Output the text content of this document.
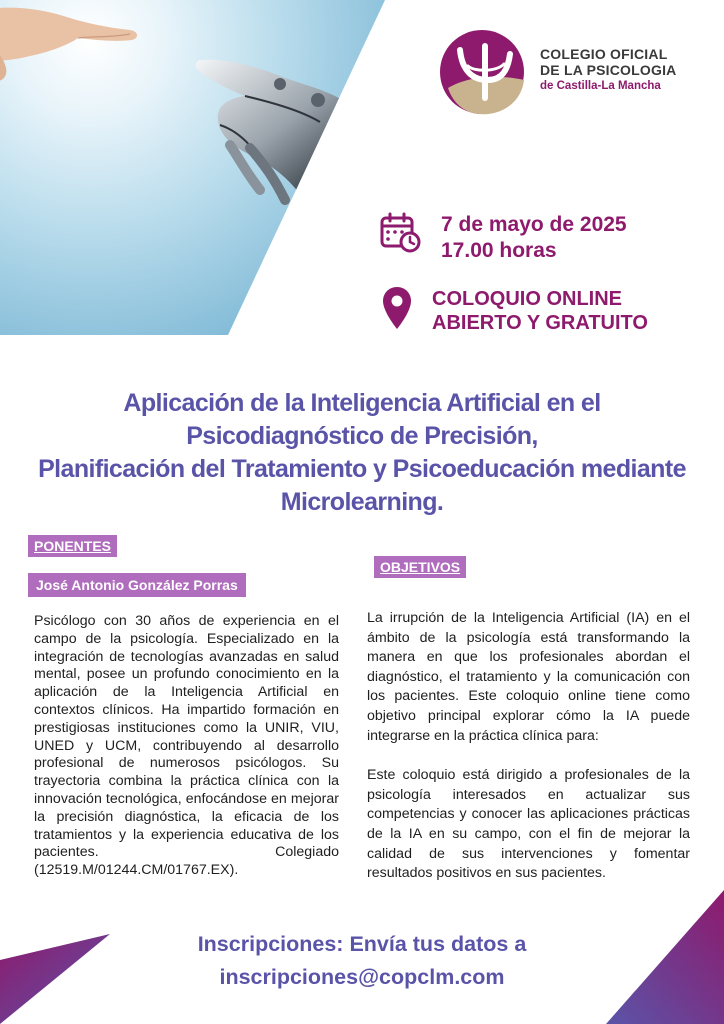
COLEGIO OFICIAL
DE LA PSICOLOGIA
de Castilla-La Mancha
7 de mayo de 2025
17.00 horas
COLOQUIO ONLINE
ABIERTO Y GRATUITO
Aplicación de la Inteligencia Artificial en el
Psicodiagnóstico de Precisión,
Planificación del Tratamiento y Psicoeducación mediante
Microlearning.
PONENTES
José Antonio González Porras
Psicólogo con 30 años de experiencia en el campo de la psicología. Especializado en la integración de tecnologías avanzadas en salud mental, posee un profundo conocimiento en la aplicación de la Inteligencia Artificial en contextos clínicos. Ha impartido formación en prestigiosas instituciones como la UNIR, VIU, UNED y UCM, contribuyendo al desarrollo profesional de numerosos psicólogos. Su trayectoria combina la práctica clínica con la innovación tecnológica, enfocándose en mejorar la precisión diagnóstica, la eficacia de los tratamientos y la experiencia educativa de los pacientes. Colegiado (12519.M/01244.CM/01767.EX).
OBJETIVOS

La irrupción de la Inteligencia Artificial (IA) en el ámbito de la psicología está transformando la manera en que los profesionales abordan el diagnóstico, el tratamiento y la comunicación con los pacientes. Este coloquio online tiene como objetivo principal explorar cómo la IA puede integrarse en la práctica clínica para:

Este coloquio está dirigido a profesionales de la psicología interesados en actualizar sus competencias y conocer las aplicaciones prácticas de la IA en su campo, con el fin de mejorar la calidad de sus intervenciones y fomentar resultados positivos en sus pacientes.

Inscripciones: Envía tus datos a
inscripciones@copclm.com
